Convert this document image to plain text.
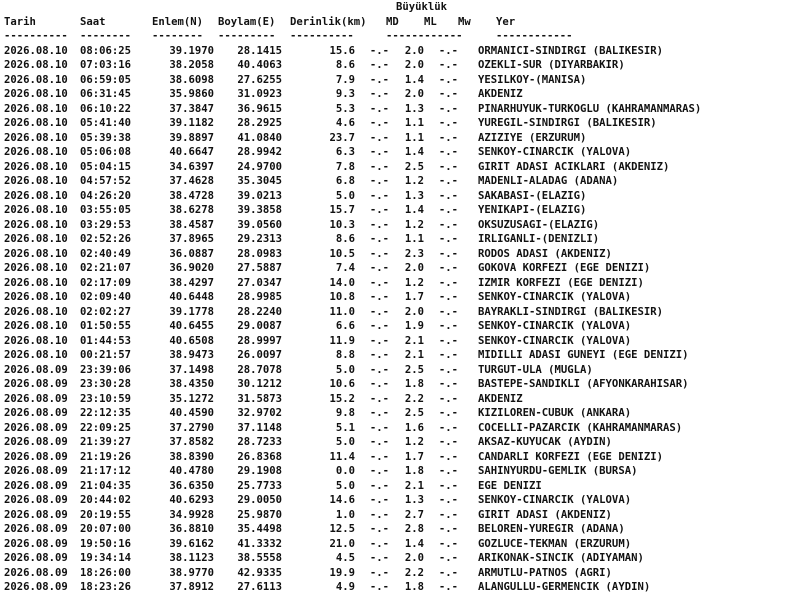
Büyüklük
Tarih	Saat	Enlem(N) Boylam(E) Derinlik(km) MD ML Mw Yer
---------- -------- -------- --------- ----------	------------	------------
2026.08.10 08:06:25	39.1970 28.1415	15.6 -.- 2.0 -.- ORMANICI-SINDIRGI (BALIKESIR)
2026.08.10 07:03:16	38.2058 40.4063	8.6 -.- 2.0 -.- OZEKLI-SUR (DIYARBAKIR)
2026.08.10 06:59:05	38.6098 27.6255	7.9 -.- 1.4 -.- YESILKOY-(MANISA)
2026.08.10 06:31:45	35.9860 31.0923	9.3 -.- 2.0 -.- AKDENIZ
2026.08.10 06:10:22	37.3847 36.9615	5.3 -.- 1.3 -.- PINARHUYUK-TURKOGLU (KAHRAMANMARAS)
2026.08.10 05:41:40	39.1182 28.2925	4.6 -.- 1.1 -.- YUREGIL-SINDIRGI (BALIKESIR)
2026.08.10 05:39:38	39.8897 41.0840	23.7 -.- 1.1 -.- AZIZIYE (ERZURUM)
2026.08.10 05:06:08	40.6647 28.9942	6.3 -.- 1.4 -.- SENKOY-CINARCIK (YALOVA)
2026.08.10 05:04:15	34.6397 24.9700	7.8 -.- 2.5 -.- GIRIT ADASI ACIKLARI (AKDENIZ)
2026.08.10 04:57:52	37.4628 35.3045	6.8 -.- 1.2 -.- MADENLI-ALADAG (ADANA)
2026.08.10 04:26:20	38.4728 39.0213	5.0 -.- 1.3 -.- SAKABASI-(ELAZIG)
2026.08.10 03:55:05	38.6278 39.3858	15.7 -.- 1.4 -.- YENIKAPI-(ELAZIG)
2026.08.10 03:29:53	38.4587 39.0560	10.3 -.- 1.2 -.- OKSUZUSAGI-(ELAZIG)
2026.08.10 02:52:26	37.8965 29.2313	8.6 -.- 1.1 -.- IRLIGANLI-(DENIZLI)
2026.08.10 02:40:49	36.0887 28.0983	10.5 -.- 2.3 -.- RODOS ADASI (AKDENIZ)
2026.08.10 02:21:07	36.9020 27.5887	7.4 -.- 2.0 -.- GOKOVA KORFEZI (EGE DENIZI)
2026.08.10 02:17:09	38.4297 27.0347	14.0 -.- 1.2 -.- IZMIR KORFEZI (EGE DENIZI)
2026.08.10 02:09:40	40.6448 28.9985	10.8 -.- 1.7 -.- SENKOY-CINARCIK (YALOVA)
2026.08.10 02:02:27	39.1778 28.2240	11.0 -.- 2.0 -.- BAYRAKLI-SINDIRGI (BALIKESIR)
2026.08.10 01:50:55	40.6455 29.0087	6.6 -.- 1.9 -.- SENKOY-CINARCIK (YALOVA)
2026.08.10 01:44:53	40.6508 28.9997	11.9 -.- 2.1 -.- SENKOY-CINARCIK (YALOVA)
2026.08.10 00:21:57	38.9473 26.0097	8.8 -.- 2.1 -.- MIDILLI ADASI GUNEYI (EGE DENIZI)
2026.08.09 23:39:06	37.1498 28.7078	5.0 -.- 2.5 -.- TURGUT-ULA (MUGLA)
2026.08.09 23:30:28	38.4350 30.1212	10.6 -.- 1.8 -.- BASTEPE-SANDIKLI (AFYONKARAHISAR)
2026.08.09 23:10:59	35.1272 31.5873	15.2 -.- 2.2 -.- AKDENIZ
2026.08.09 22:12:35	40.4590 32.9702	9.8 -.- 2.5 -.- KIZILOREN-CUBUK (ANKARA)
2026.08.09 22:09:25	37.2790 37.1148	5.1 -.- 1.6 -.- COCELLI-PAZARCIK (KAHRAMANMARAS)
2026.08.09 21:39:27	37.8582 28.7233	5.0 -.- 1.2 -.- AKSAZ-KUYUCAK (AYDIN)
2026.08.09 21:19:26	38.8390 26.8368	11.4 -.- 1.7 -.- CANDARLI KORFEZI (EGE DENIZI)
2026.08.09 21:17:12	40.4780 29.1908	0.0 -.- 1.8 -.- SAHINYURDU-GEMLIK (BURSA)
2026.08.09 21:04:35	36.6350 25.7733	5.0 -.- 2.1 -.- EGE DENIZI
2026.08.09 20:44:02	40.6293 29.0050	14.6 -.- 1.3 -.- SENKOY-CINARCIK (YALOVA)
2026.08.09 20:19:55	34.9928 25.9870	1.0 -.- 2.7 -.- GIRIT ADASI (AKDENIZ)
2026.08.09 20:07:00	36.8810 35.4498	12.5 -.- 2.8 -.- BELOREN-YUREGIR (ADANA)
2026.08.09 19:50:16	39.6162 41.3332	21.0 -.- 1.4 -.- GOZLUCE-TEKMAN (ERZURUM)
2026.08.09 19:34:14	38.1123 38.5558	4.5 -.- 2.0 -.- ARIKONAK-SINCIK (ADIYAMAN)
2026.08.09 18:26:00	38.9770 42.9335	19.9 -.- 2.2 -.- ARMUTLU-PATNOS (AGRI)
2026.08.09 18:23:26	37.8912 27.6113	4.9 -.- 1.8 -.- ALANGULLU-GERMENCIK (AYDIN)
